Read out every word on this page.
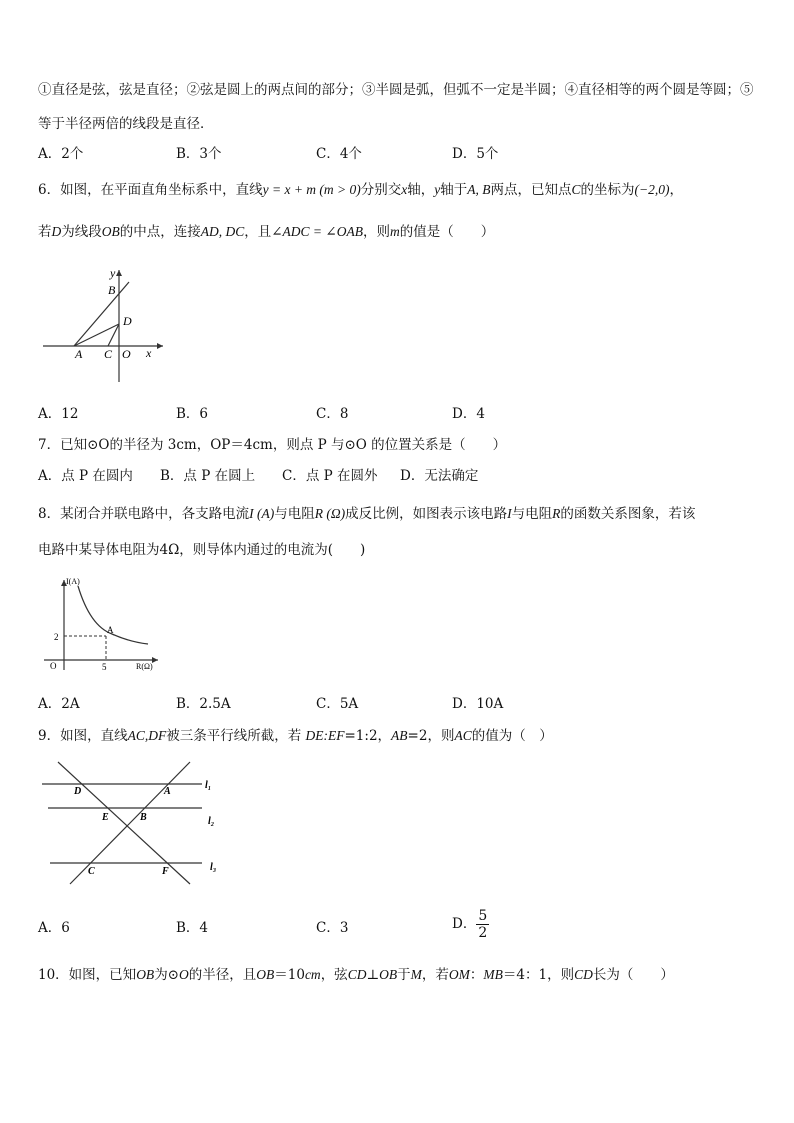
①直径是弦，弦是直径；②弦是圆上的两点间的部分；③半圆是弧，但弧不一定是半圆；④直径相等的两个圆是等圆；⑤
等于半径两倍的线段是直径．
A．2个	B．3个	C．4个	D．5个
6．如图，在平面直角坐标系中，直线y = x + m (m > 0)分别交x轴，y轴于A, B两点，已知点C的坐标为(−2,0)，
若D为线段OB的中点，连接AD, DC，且∠ADC = ∠OAB，则m的值是（　　）
y
B
D
A C O x
A．12	B．6	C．8	D．4
7．已知⊙O的半径为 3cm，OP＝4cm，则点 P 与⊙O 的位置关系是（　　）
A．点 P 在圆内 B．点 P 在圆上 C．点 P 在圆外 D．无法确定
8．某闭合并联电路中，各支路电流I (A)与电阻R (Ω)成反比例，如图表示该电路I与电阻R的函数关系图象，若该
电路中某导体电阻为4Ω，则导体内通过的电流为(　　)
I(A)
R(Ω)
O
2
5
A
A．2A	B．2.5A	C．5A	D．10A
9．如图，直线AC,DF被三条平行线所截，若 DE:EF=1:2，AB=2，则AC的值为（　）
D	A
l₁
E	B	l₂
C	F	l₃
A．6	B．4	C．3	D． $\frac{5}{2}$
10．如图，已知OB为⊙O的半径，且OB＝10cm，弦CD⊥OB于M，若OM：MB＝4：1，则CD长为（　　）
